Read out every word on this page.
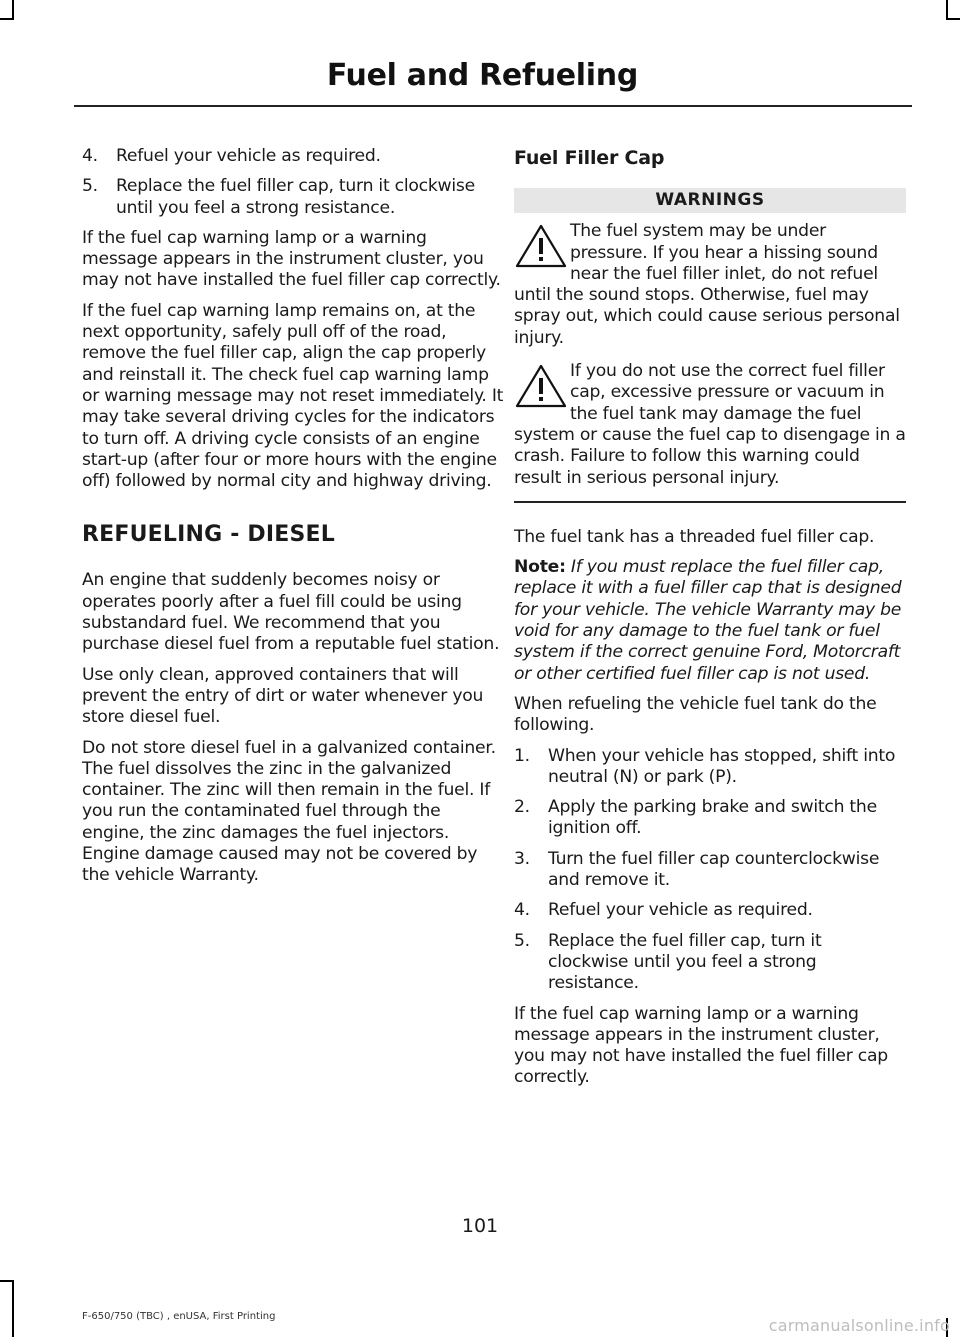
Fuel and Refueling
4. Refuel your vehicle as required.
5. Replace the fuel filler cap, turn it clockwise until you feel a strong resistance.

If the fuel cap warning lamp or a warning message appears in the instrument cluster, you may not have installed the fuel filler cap correctly.

If the fuel cap warning lamp remains on, at the next opportunity, safely pull off of the road, remove the fuel filler cap, align the cap properly and reinstall it. The check fuel cap warning lamp or warning message may not reset immediately. It may take several driving cycles for the indicators to turn off. A driving cycle consists of an engine start-up (after four or more hours with the engine off) followed by normal city and highway driving.

REFUELING - DIESEL

An engine that suddenly becomes noisy or operates poorly after a fuel fill could be using substandard fuel. We recommend that you purchase diesel fuel from a reputable fuel station.

Use only clean, approved containers that will prevent the entry of dirt or water whenever you store diesel fuel.

Do not store diesel fuel in a galvanized container. The fuel dissolves the zinc in the galvanized container. The zinc will then remain in the fuel. If you run the contaminated fuel through the engine, the zinc damages the fuel injectors. Engine damage caused may not be covered by the vehicle Warranty.

Fuel Filler Cap
WARNINGS
The fuel system may be under pressure. If you hear a hissing sound near the fuel filler inlet, do not refuel until the sound stops. Otherwise, fuel may spray out, which could cause serious personal injury.
If you do not use the correct fuel filler cap, excessive pressure or vacuum in the fuel tank may damage the fuel system or cause the fuel cap to disengage in a crash. Failure to follow this warning could result in serious personal injury.

The fuel tank has a threaded fuel filler cap.

Note: If you must replace the fuel filler cap, replace it with a fuel filler cap that is designed for your vehicle. The vehicle Warranty may be void for any damage to the fuel tank or fuel system if the correct genuine Ford, Motorcraft or other certified fuel filler cap is not used.

When refueling the vehicle fuel tank do the following.

1. When your vehicle has stopped, shift into neutral (N) or park (P).
2. Apply the parking brake and switch the ignition off.
3. Turn the fuel filler cap counterclockwise and remove it.
4. Refuel your vehicle as required.
5. Replace the fuel filler cap, turn it clockwise until you feel a strong resistance.

If the fuel cap warning lamp or a warning message appears in the instrument cluster, you may not have installed the fuel filler cap correctly.

101
F-650/750 (TBC) , enUSA, First Printing	carmanualsonline.info
